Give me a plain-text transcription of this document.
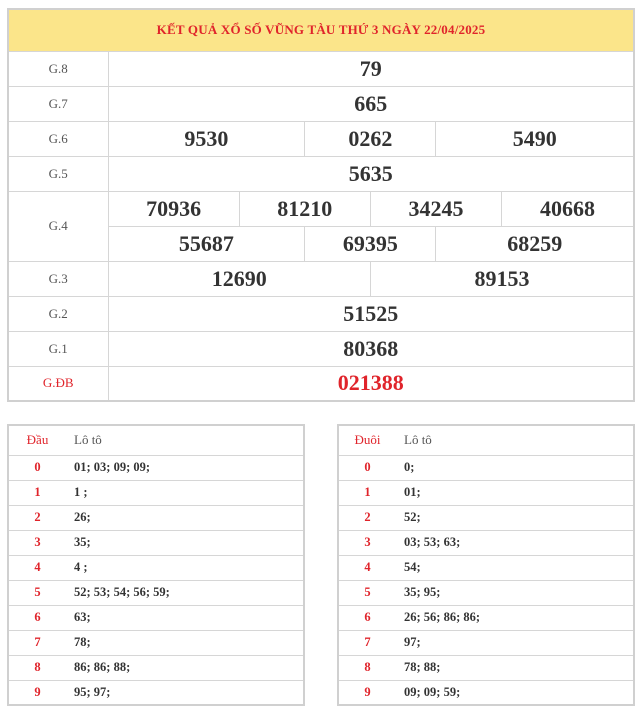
KẾT QUẢ XỔ SỐ VŨNG TÀU THỨ 3 NGÀY 22/04/2025						
G.8	79					
G.7	665					
G.6	9530		0262		5490	
G.5	5635					
G.4	70936	81210		34245		40668
	55687		69395		68259	
G.3	12690			89153		
G.2	51525					
G.1	80368					
G.ĐB	021388					
Đầu	Lô tô
0	01; 03; 09; 09;
1	1 ;
2	26;
3	35;
4	4 ;
5	52; 53; 54; 56; 59;
6	63;
7	78;
8	86; 86; 88;
9	95; 97;
Đuôi	Lô tô
0	0;
1	01;
2	52;
3	03; 53; 63;
4	54;
5	35; 95;
6	26; 56; 86; 86;
7	97;
8	78; 88;
9	09; 09; 59;
